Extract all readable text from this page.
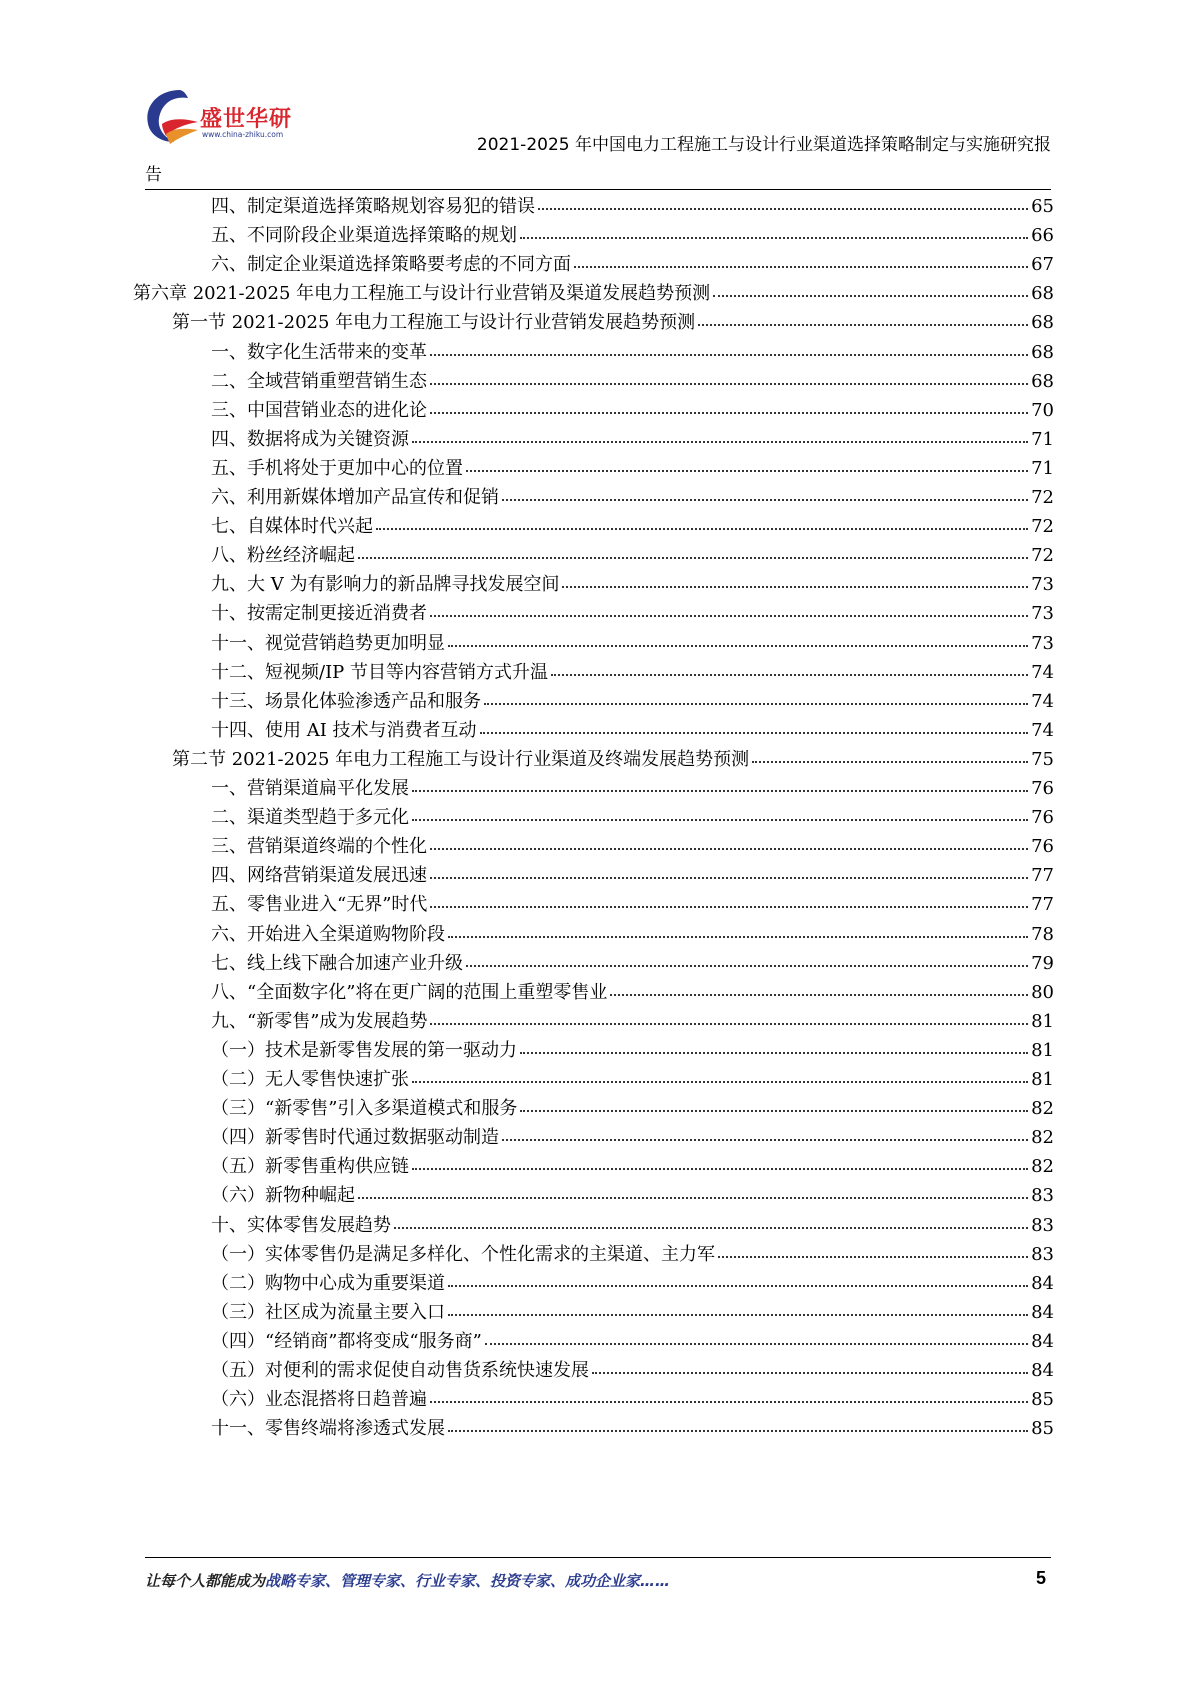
盛世华研
www.china-zhiku.com
2021-2025 年中国电力工程施工与设计行业渠道选择策略制定与实施研究报
告
四、制定渠道选择策略规划容易犯的错误	65
五、不同阶段企业渠道选择策略的规划	66
六、制定企业渠道选择策略要考虑的不同方面	67
第六章 2021-2025 年电力工程施工与设计行业营销及渠道发展趋势预测	68
第一节 2021-2025 年电力工程施工与设计行业营销发展趋势预测	68
一、数字化生活带来的变革	68
二、全域营销重塑营销生态	68
三、中国营销业态的进化论	70
四、数据将成为关键资源	71
五、手机将处于更加中心的位置	71
六、利用新媒体增加产品宣传和促销	72
七、自媒体时代兴起	72
八、粉丝经济崛起	72
九、大 V 为有影响力的新品牌寻找发展空间	73
十、按需定制更接近消费者	73
十一、视觉营销趋势更加明显	73
十二、短视频/IP 节目等内容营销方式升温	74
十三、场景化体验渗透产品和服务	74
十四、使用 AI 技术与消费者互动	74
第二节 2021-2025 年电力工程施工与设计行业渠道及终端发展趋势预测	75
一、营销渠道扁平化发展	76
二、渠道类型趋于多元化	76
三、营销渠道终端的个性化	76
四、网络营销渠道发展迅速	77
五、零售业进入“无界”时代	77
六、开始进入全渠道购物阶段	78
七、线上线下融合加速产业升级	79
八、“全面数字化”将在更广阔的范围上重塑零售业	80
九、“新零售”成为发展趋势	81
（一）技术是新零售发展的第一驱动力	81
（二）无人零售快速扩张	81
（三）“新零售”引入多渠道模式和服务	82
（四）新零售时代通过数据驱动制造	82
（五）新零售重构供应链	82
（六）新物种崛起	83
十、实体零售发展趋势	83
（一）实体零售仍是满足多样化、个性化需求的主渠道、主力军	83
（二）购物中心成为重要渠道	84
（三）社区成为流量主要入口	84
（四）“经销商”都将变成“服务商”	84
（五）对便利的需求促使自动售货系统快速发展	84
（六）业态混搭将日趋普遍	85
十一、零售终端将渗透式发展	85
让每个人都能成为战略专家、管理专家、行业专家、投资专家、成功企业家……	5
